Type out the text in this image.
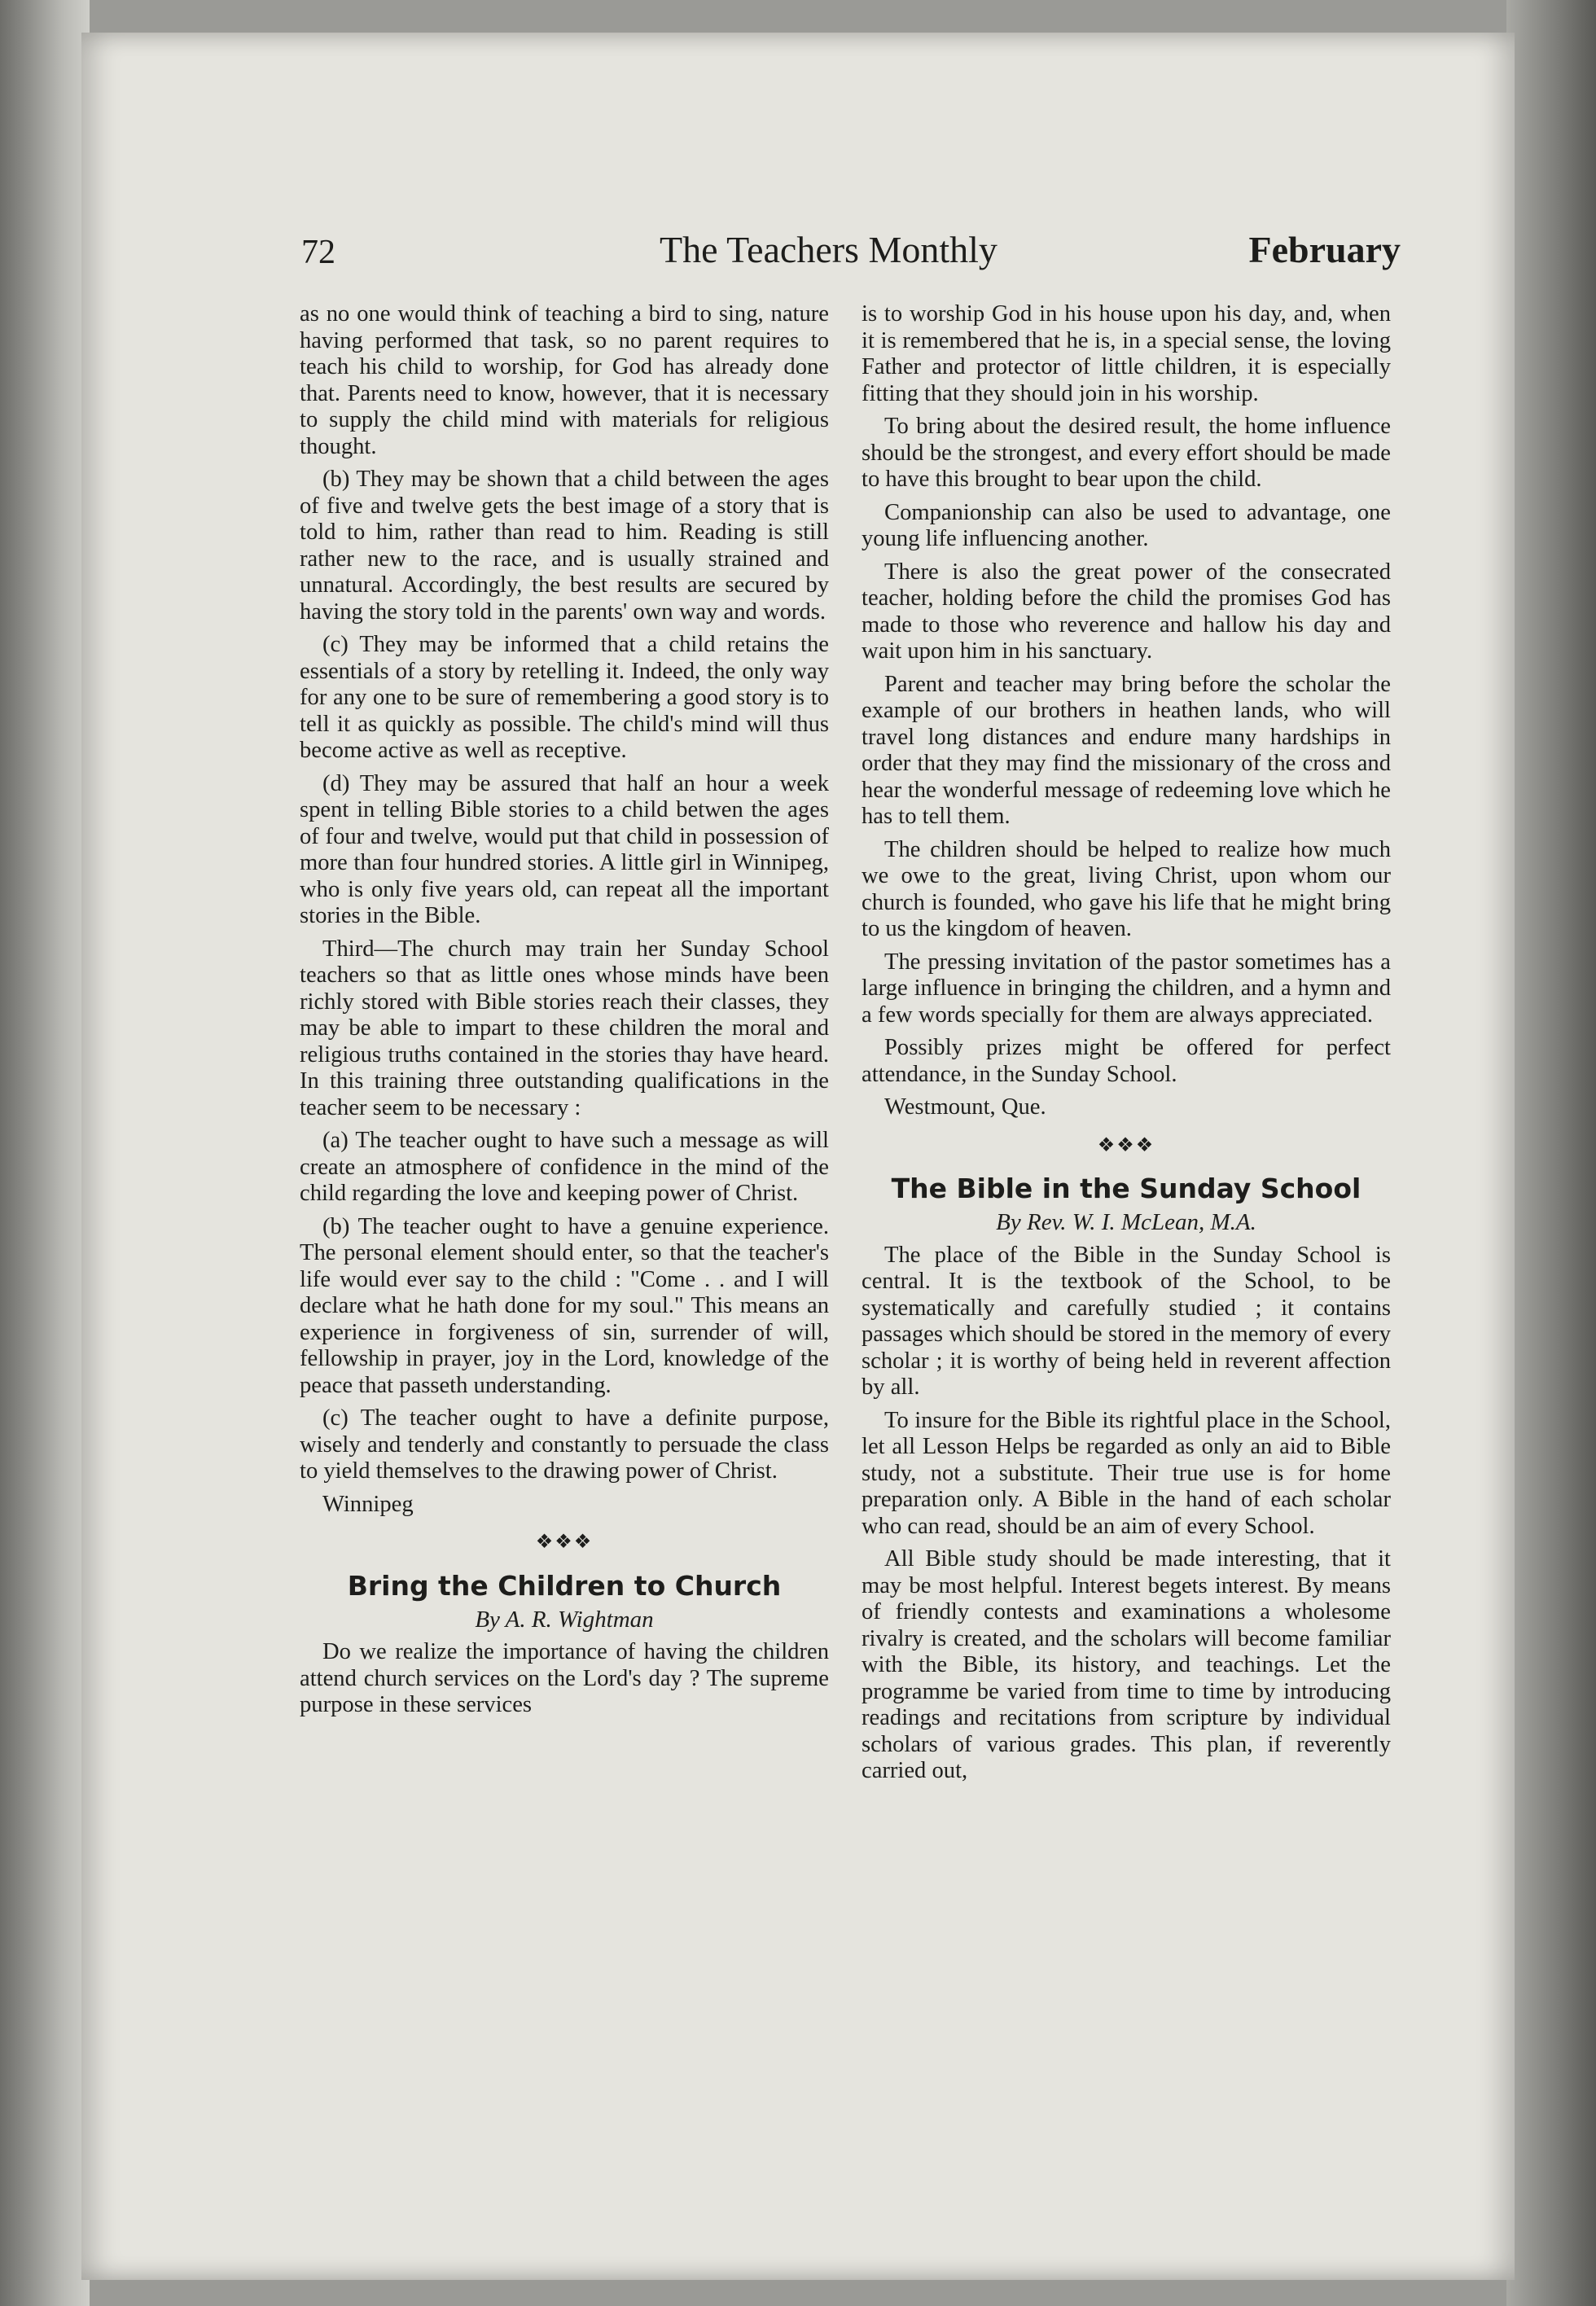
72	The Teachers Monthly	February

as no one would think of teaching a bird to sing, nature having performed that task, so no parent requires to teach his child to worship, for God has already done that. Parents need to know, however, that it is necessary to supply the child mind with materials for religious thought.

(b) They may be shown that a child between the ages of five and twelve gets the best image of a story that is told to him, rather than read to him. Reading is still rather new to the race, and is usually strained and unnatural. Accordingly, the best results are secured by having the story told in the parents' own way and words.

(c) They may be informed that a child retains the essentials of a story by retelling it. Indeed, the only way for any one to be sure of remembering a good story is to tell it as quickly as possible. The child's mind will thus become active as well as receptive.

(d) They may be assured that half an hour a week spent in telling Bible stories to a child betwen the ages of four and twelve, would put that child in possession of more than four hundred stories. A little girl in Winnipeg, who is only five years old, can repeat all the important stories in the Bible.

Third—The church may train her Sunday School teachers so that as little ones whose minds have been richly stored with Bible stories reach their classes, they may be able to impart to these children the moral and religious truths contained in the stories thay have heard. In this training three outstanding qualifications in the teacher seem to be necessary :

(a) The teacher ought to have such a message as will create an atmosphere of confidence in the mind of the child regarding the love and keeping power of Christ.

(b) The teacher ought to have a genuine experience. The personal element should enter, so that the teacher's life would ever say to the child : "Come . . and I will declare what he hath done for my soul." This means an experience in forgiveness of sin, surrender of will, fellowship in prayer, joy in the Lord, knowledge of the peace that passeth understanding.

(c) The teacher ought to have a definite purpose, wisely and tenderly and constantly to persuade the class to yield themselves to the drawing power of Christ.

Winnipeg
❖❖❖
Bring the Children to Church
By A. R. Wightman

Do we realize the importance of having the children attend church services on the Lord's day ? The supreme purpose in these services

is to worship God in his house upon his day, and, when it is remembered that he is, in a special sense, the loving Father and protector of little children, it is especially fitting that they should join in his worship.

To bring about the desired result, the home influence should be the strongest, and every effort should be made to have this brought to bear upon the child.

Companionship can also be used to advantage, one young life influencing another.

There is also the great power of the consecrated teacher, holding before the child the promises God has made to those who reverence and hallow his day and wait upon him in his sanctuary.

Parent and teacher may bring before the scholar the example of our brothers in heathen lands, who will travel long distances and endure many hardships in order that they may find the missionary of the cross and hear the wonderful message of redeeming love which he has to tell them.

The children should be helped to realize how much we owe to the great, living Christ, upon whom our church is founded, who gave his life that he might bring to us the kingdom of heaven.

The pressing invitation of the pastor sometimes has a large influence in bringing the children, and a hymn and a few words specially for them are always appreciated.

Possibly prizes might be offered for perfect attendance, in the Sunday School.

Westmount, Que.
❖❖❖
The Bible in the Sunday School
By Rev. W. I. McLean, M.A.

The place of the Bible in the Sunday School is central. It is the textbook of the School, to be systematically and carefully studied ; it contains passages which should be stored in the memory of every scholar ; it is worthy of being held in reverent affection by all.

To insure for the Bible its rightful place in the School, let all Lesson Helps be regarded as only an aid to Bible study, not a substitute. Their true use is for home preparation only. A Bible in the hand of each scholar who can read, should be an aim of every School.

All Bible study should be made interesting, that it may be most helpful. Interest begets interest. By means of friendly contests and examinations a wholesome rivalry is created, and the scholars will become familiar with the Bible, its history, and teachings. Let the programme be varied from time to time by introducing readings and recitations from scripture by individual scholars of various grades. This plan, if reverently carried out,
